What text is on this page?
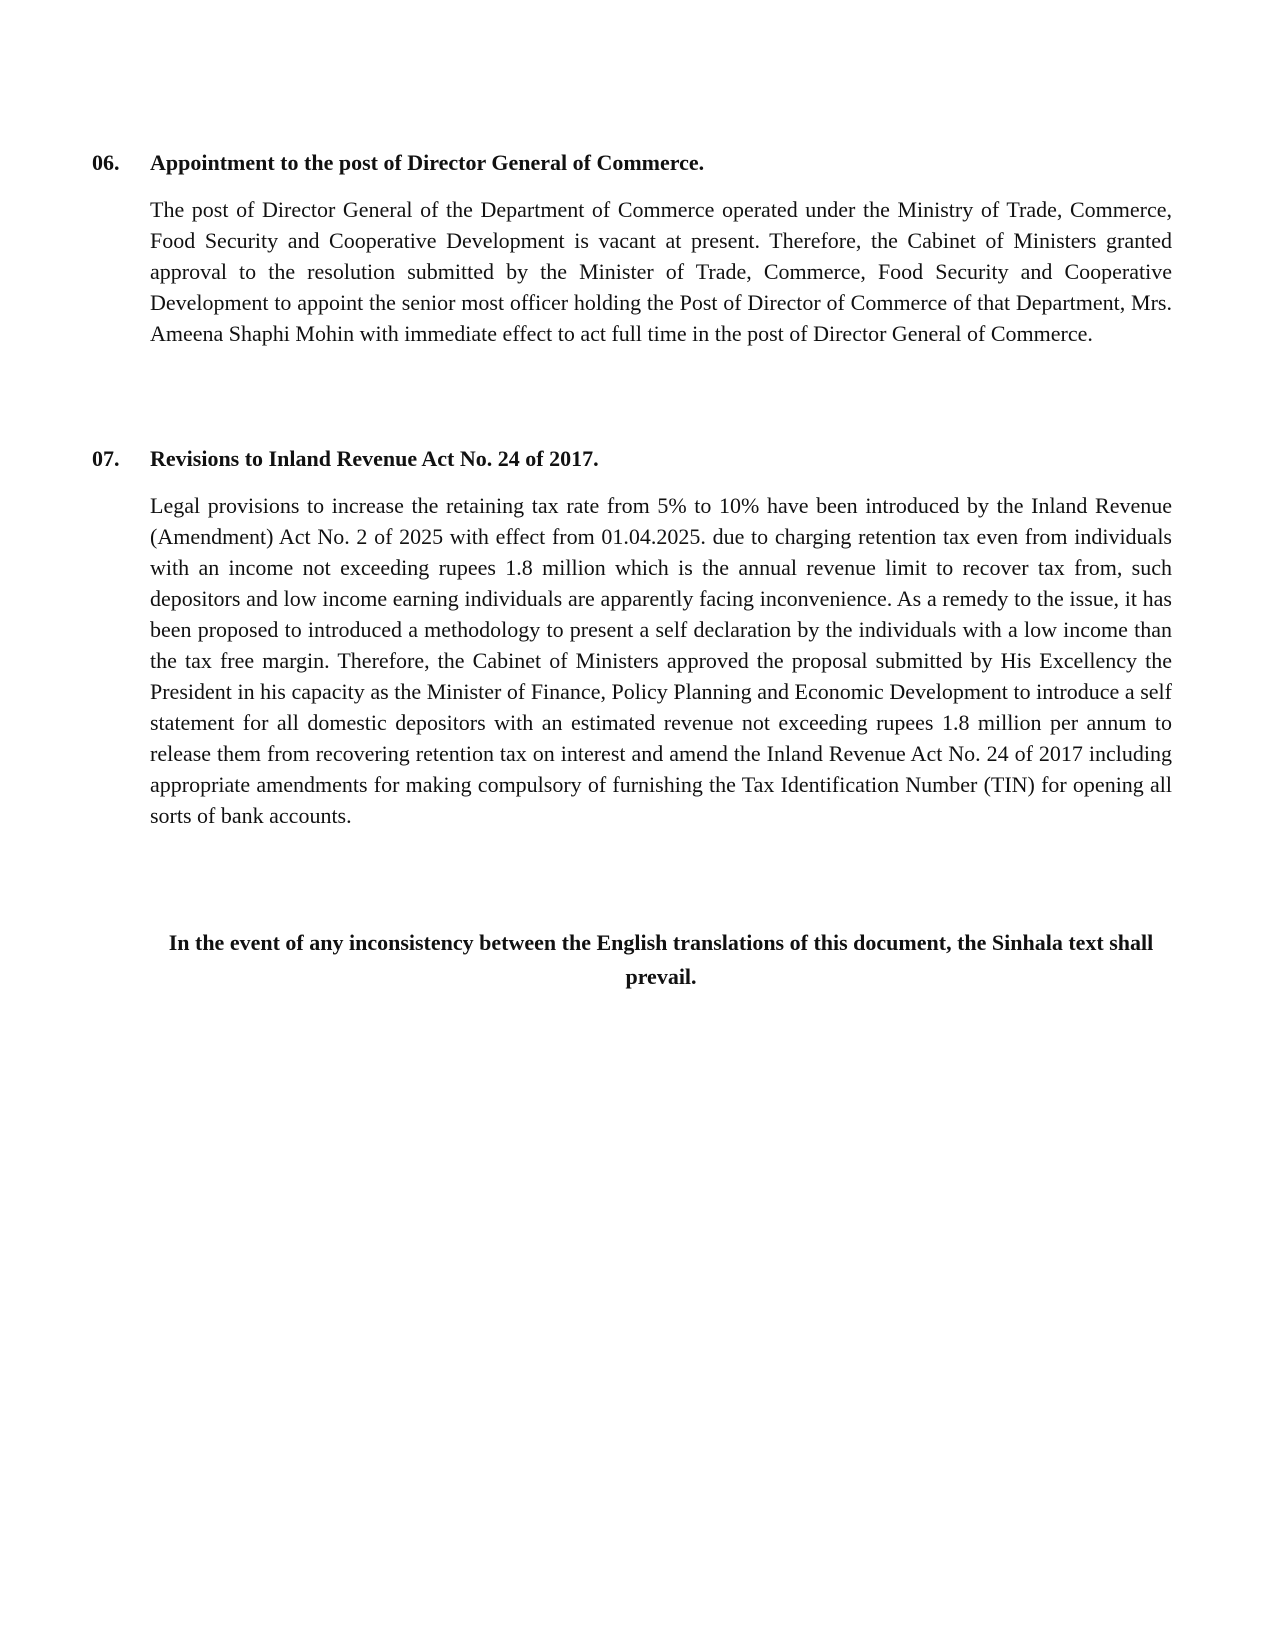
06. Appointment to the post of Director General of Commerce.

The post of Director General of the Department of Commerce operated under the Ministry of Trade, Commerce, Food Security and Cooperative Development is vacant at present. Therefore, the Cabinet of Ministers granted approval to the resolution submitted by the Minister of Trade, Commerce, Food Security and Cooperative Development to appoint the senior most officer holding the Post of Director of Commerce of that Department, Mrs. Ameena Shaphi Mohin with immediate effect to act full time in the post of Director General of Commerce.

07. Revisions to Inland Revenue Act No. 24 of 2017.

Legal provisions to increase the retaining tax rate from 5% to 10% have been introduced by the Inland Revenue (Amendment) Act No. 2 of 2025 with effect from 01.04.2025. due to charging retention tax even from individuals with an income not exceeding rupees 1.8 million which is the annual revenue limit to recover tax from, such depositors and low income earning individuals are apparently facing inconvenience. As a remedy to the issue, it has been proposed to introduced a methodology to present a self declaration by the individuals with a low income than the tax free margin. Therefore, the Cabinet of Ministers approved the proposal submitted by His Excellency the President in his capacity as the Minister of Finance, Policy Planning and Economic Development to introduce a self statement for all domestic depositors with an estimated revenue not exceeding rupees 1.8 million per annum to release them from recovering retention tax on interest and amend the Inland Revenue Act No. 24 of 2017 including appropriate amendments for making compulsory of furnishing the Tax Identification Number (TIN) for opening all sorts of bank accounts.

In the event of any inconsistency between the English translations of this document, the Sinhala text shall prevail.
